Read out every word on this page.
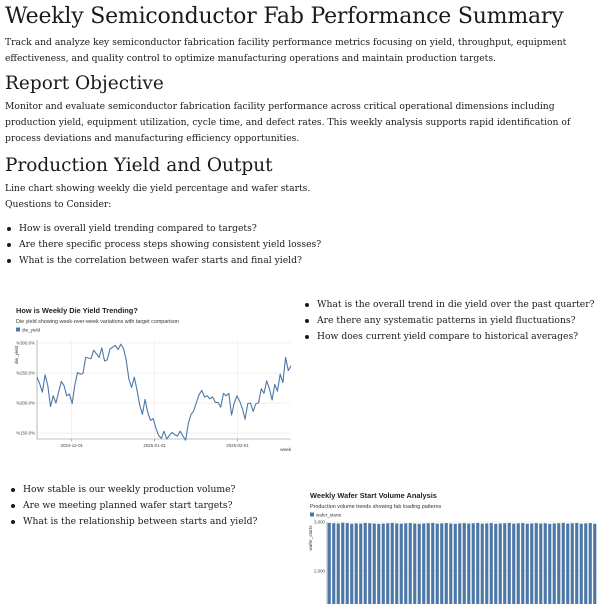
Weekly Semiconductor Fab Performance Summary

Track and analyze key semiconductor fabrication facility performance metrics focusing on yield, throughput, equipment effectiveness, and quality control to optimize manufacturing operations and maintain production targets.

Report Objective

Monitor and evaluate semiconductor fabrication facility performance across critical operational dimensions including production yield, equipment utilization, cycle time, and defect rates. This weekly analysis supports rapid identification of process deviations and manufacturing efficiency opportunities.

Production Yield and Output

Line chart showing weekly die yield percentage and wafer starts.

Questions to Consider:

How is overall yield trending compared to targets?
Are there specific process steps showing consistent yield losses?
What is the correlation between wafer starts and final yield?
How is Weekly Die Yield Trending?
Die yield showing week-over-week variations with target comparison
die_yield
die_yield
week
%150.0%
%200.0%
%250.0%
%300.0%
2024-12-01	2025-01-01	2025-02-01
What is the overall trend in die yield over the past quarter?
Are there any systematic patterns in yield fluctuations?
How does current yield compare to historical averages?
How stable is our weekly production volume?
Are we meeting planned wafer start targets?
What is the relationship between starts and yield?
Weekly Wafer Start Volume Analysis
Production volume trends showing fab loading patterns
wafer_starts
wafer_starts
2,000
3,000
